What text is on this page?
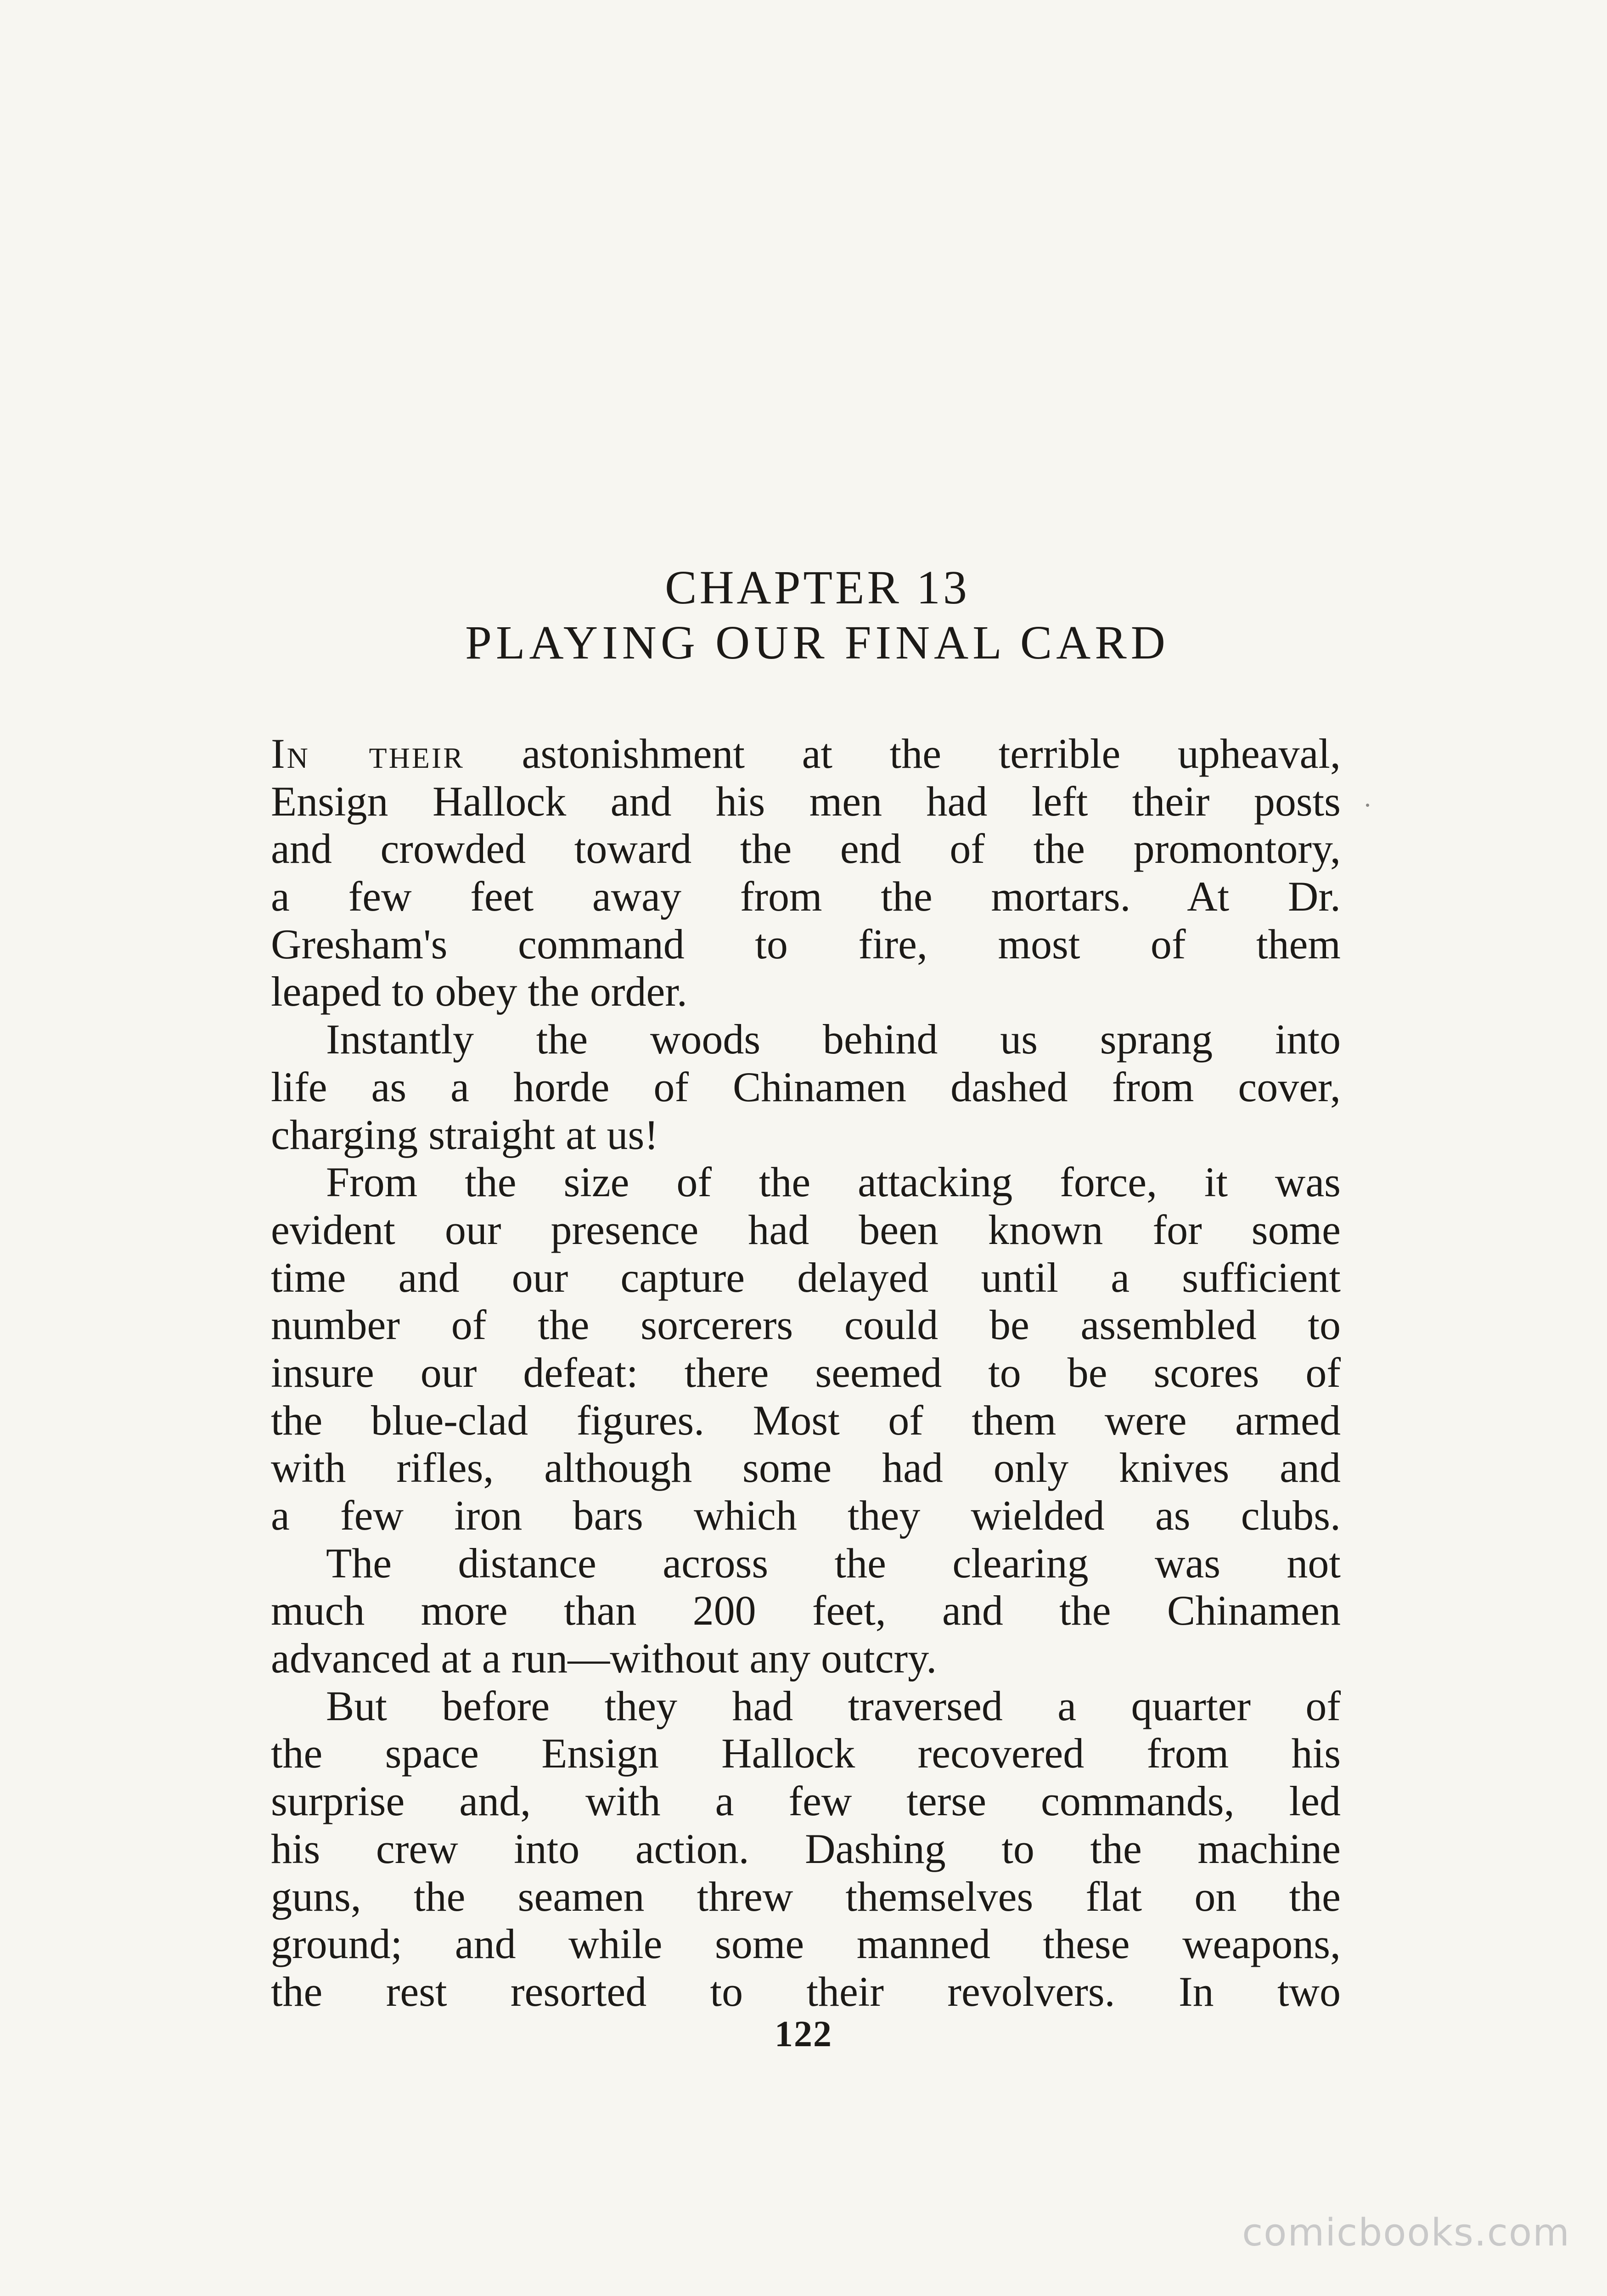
CHAPTER 13
PLAYING OUR FINAL CARD
In their astonishment at the terrible upheaval,
Ensign Hallock and his men had left their posts
and crowded toward the end of the promontory,
a few feet away from the mortars. At Dr.
Gresham's command to fire, most of them
leaped to obey the order.
Instantly the woods behind us sprang into
life as a horde of Chinamen dashed from cover,
charging straight at us!
From the size of the attacking force, it was
evident our presence had been known for some
time and our capture delayed until a sufficient
number of the sorcerers could be assembled to
insure our defeat: there seemed to be scores of
the blue-clad figures. Most of them were armed
with rifles, although some had only knives and
a few iron bars which they wielded as clubs.
The distance across the clearing was not
much more than 200 feet, and the Chinamen
advanced at a run—without any outcry.
But before they had traversed a quarter of
the space Ensign Hallock recovered from his
surprise and, with a few terse commands, led
his crew into action. Dashing to the machine
guns, the seamen threw themselves flat on the
ground; and while some manned these weapons,
the rest resorted to their revolvers. In two
122
comicbooks.com
